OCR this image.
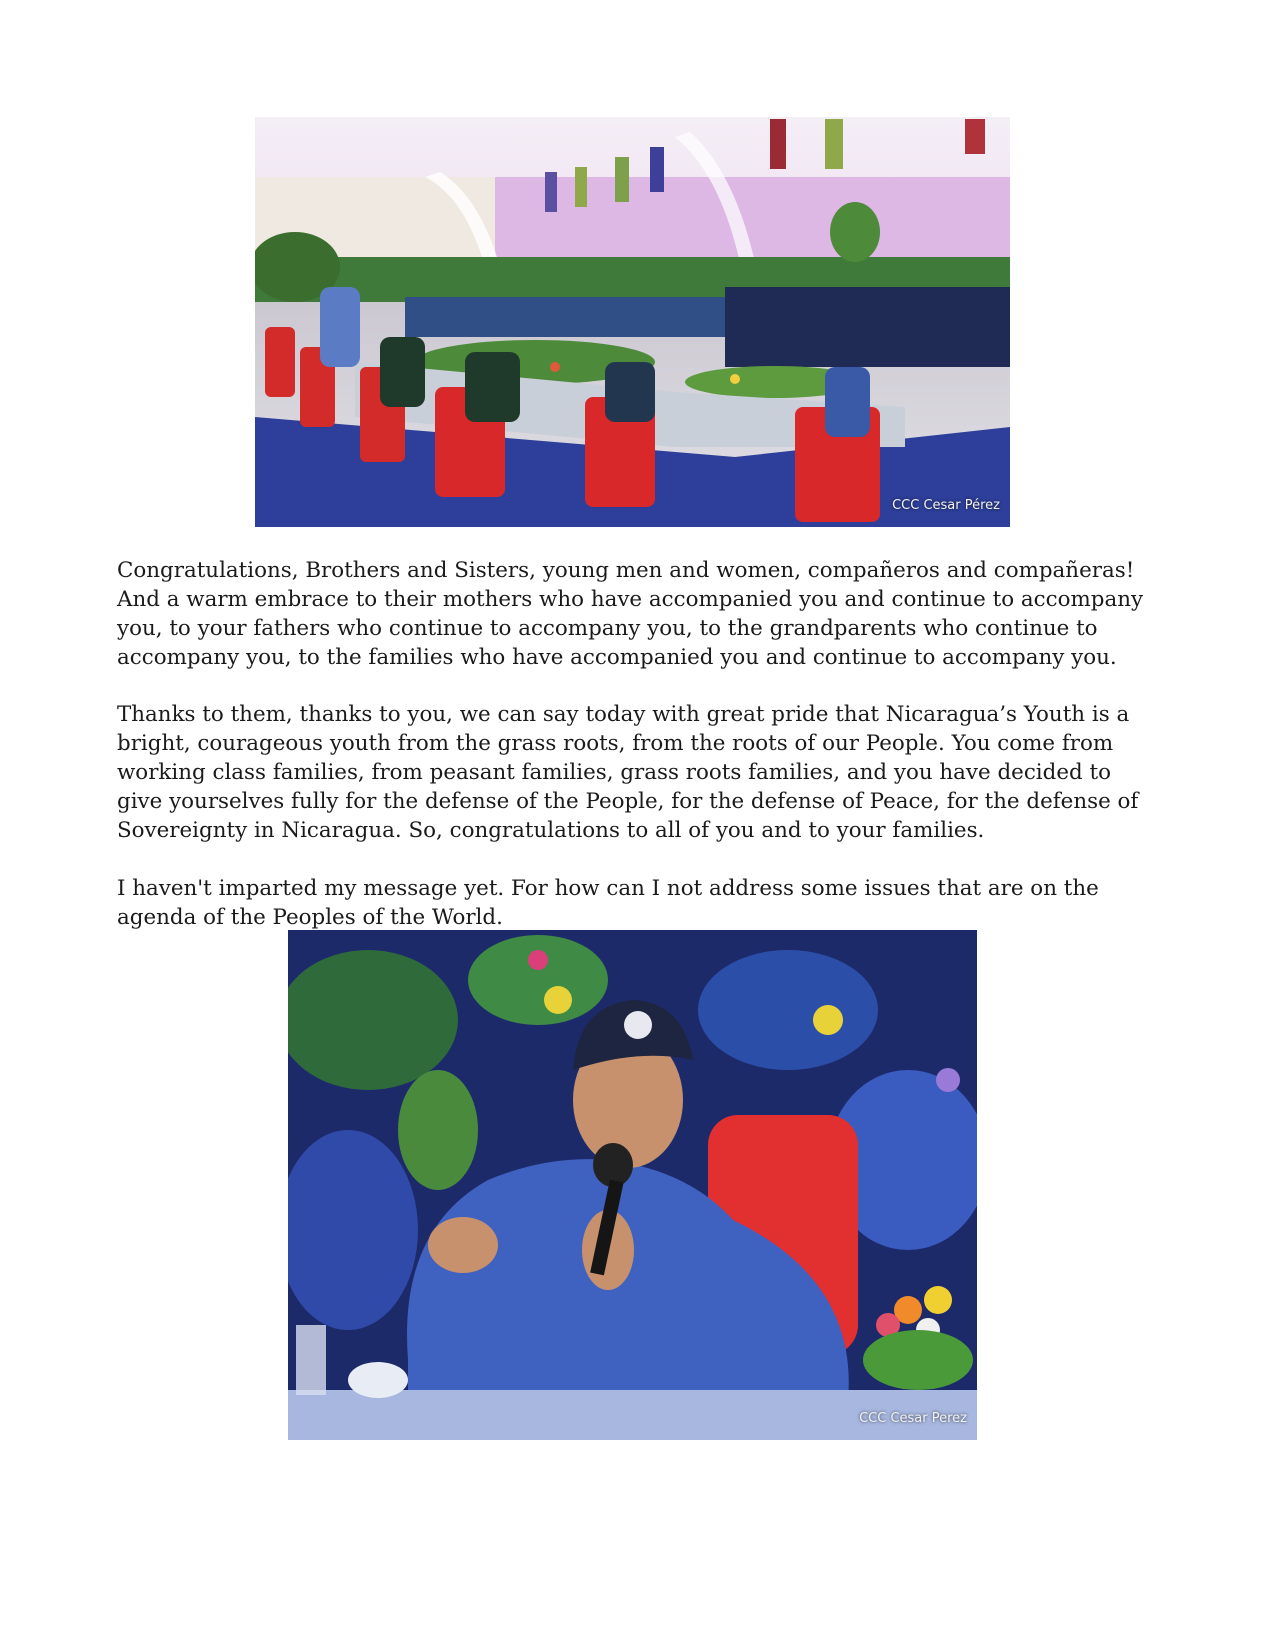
CCC Cesar Pérez

Congratulations, Brothers and Sisters, young men and women, compañeros and compañeras! And a warm embrace to their mothers who have accompanied you and continue to accompany you, to your fathers who continue to accompany you, to the grandparents who continue to accompany you, to the families who have accompanied you and continue to accompany you.

Thanks to them, thanks to you, we can say today with great pride that Nicaragua’s Youth is a bright, courageous youth from the grass roots, from the roots of our People. You come from working class families, from peasant families, grass roots families, and you have decided to give yourselves fully for the defense of the People, for the defense of Peace, for the defense of Sovereignty in Nicaragua. So, congratulations to all of you and to your families.

I haven't imparted my message yet. For how can I not address some issues that are on the agenda of the Peoples of the World.

CCC Cesar Perez
